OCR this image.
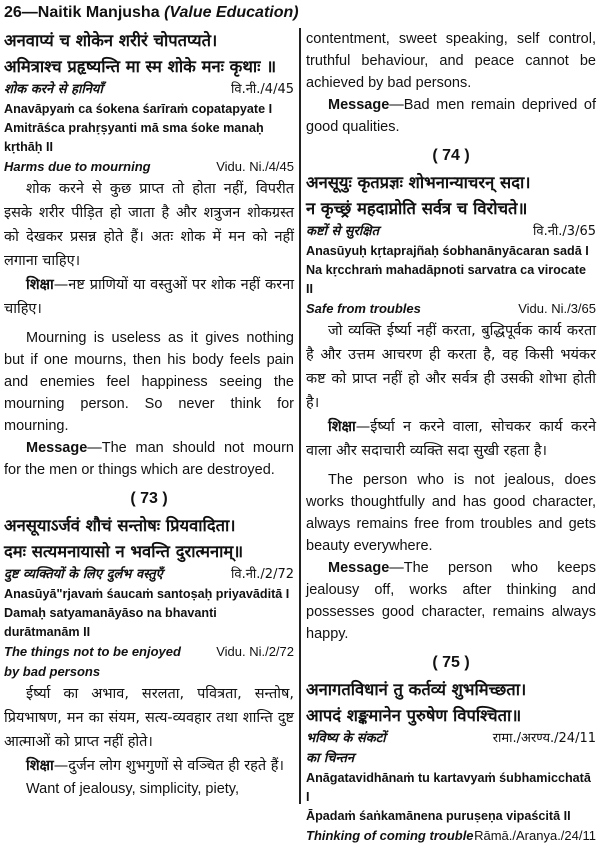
26—Naitik Manjusha (Value Education)
अनवाप्यं च शोकेन शरीरं चोपतप्यते।
अमित्राश्च प्रहृष्यन्ति मा स्म शोके मनः कृथाः ॥
शोक करने से हानियाँ	वि.नी./4/45
Anavāpyaṁ ca śokena śarīraṁ copatapyate I
Amitrāśca prahṛṣyanti mā sma śoke manaḥ kṛthāḥ II
Harms due to mourning	Vidu. Ni./4/45
शोक करने से कुछ प्राप्त तो होता नहीं, विपरीत इसके शरीर पीड़ित हो जाता है और शत्रुजन शोकग्रस्त को देखकर प्रसन्न होते हैं। अतः शोक में मन को नहीं लगाना चाहिए।
शिक्षा—नष्ट प्राणियों या वस्तुओं पर शोक नहीं करना चाहिए।
Mourning is useless as it gives nothing but if one mourns, then his body feels pain and enemies feel happiness seeing the mourning person. So never think for mourning.
Message—The man should not mourn for the men or things which are destroyed.
( 73 )
अनसूयाऽर्जवं शौचं सन्तोषः प्रियवादिता।
दमः सत्यमनायासो न भवन्ति दुरात्मनाम्॥
दुष्ट व्यक्तियों के लिए दुर्लभ वस्तुएँ	वि.नी./2/72
Anasūyā"rjavaṁ śaucaṁ santoṣaḥ priyavāditā I
Damaḥ satyamanāyāso na bhavanti durātmanām II
The things not to be enjoyed	Vidu. Ni./2/72
by bad persons
ईर्ष्या का अभाव, सरलता, पवित्रता, सन्तोष, प्रियभाषण, मन का संयम, सत्य-व्यवहार तथा शान्ति दुष्ट आत्माओं को प्राप्त नहीं होते।
शिक्षा—दुर्जन लोग शुभगुणों से वञ्चित ही रहते हैं।
Want of jealousy, simplicity, piety,
contentment, sweet speaking, self control, truthful behaviour, and peace cannot be achieved by bad persons.
Message—Bad men remain deprived of good qualities.
( 74 )
अनसूयुः कृतप्रज्ञः शोभनान्याचरन् सदा।
न कृच्छ्रं महदाप्नोति सर्वत्र च विरोचते॥
कष्टों से सुरक्षित	वि.नी./3/65
Anasūyuḥ kṛtaprajñaḥ śobhanānyācaran sadā I
Na kṛcchraṁ mahadāpnoti sarvatra ca virocate II
Safe from troubles	Vidu. Ni./3/65
जो व्यक्ति ईर्ष्या नहीं करता, बुद्धिपूर्वक कार्य करता है और उत्तम आचरण ही करता है, वह किसी भयंकर कष्ट को प्राप्त नहीं हो और सर्वत्र ही उसकी शोभा होती है।
शिक्षा—ईर्ष्या न करने वाला, सोचकर कार्य करने वाला और सदाचारी व्यक्ति सदा सुखी रहता है।
The person who is not jealous, does works thoughtfully and has good character, always remains free from troubles and gets beauty everywhere.
Message—The person who keeps jealousy off, works after thinking and possesses good character, remains always happy.
( 75 )
अनागतविधानं तु कर्तव्यं शुभमिच्छता।
आपदं शङ्कमानेन पुरुषेण विपश्चिता॥
भविष्य के संकटों	रामा./अरण्य./24/11
का चिन्तन
Anāgatavidhānaṁ tu kartavyaṁ śubhamicchatā I
Āpadaṁ śaṅkamānena puruṣeṇa vipaścitā II
Thinking of coming trouble Rāmā./Aranya./24/11
